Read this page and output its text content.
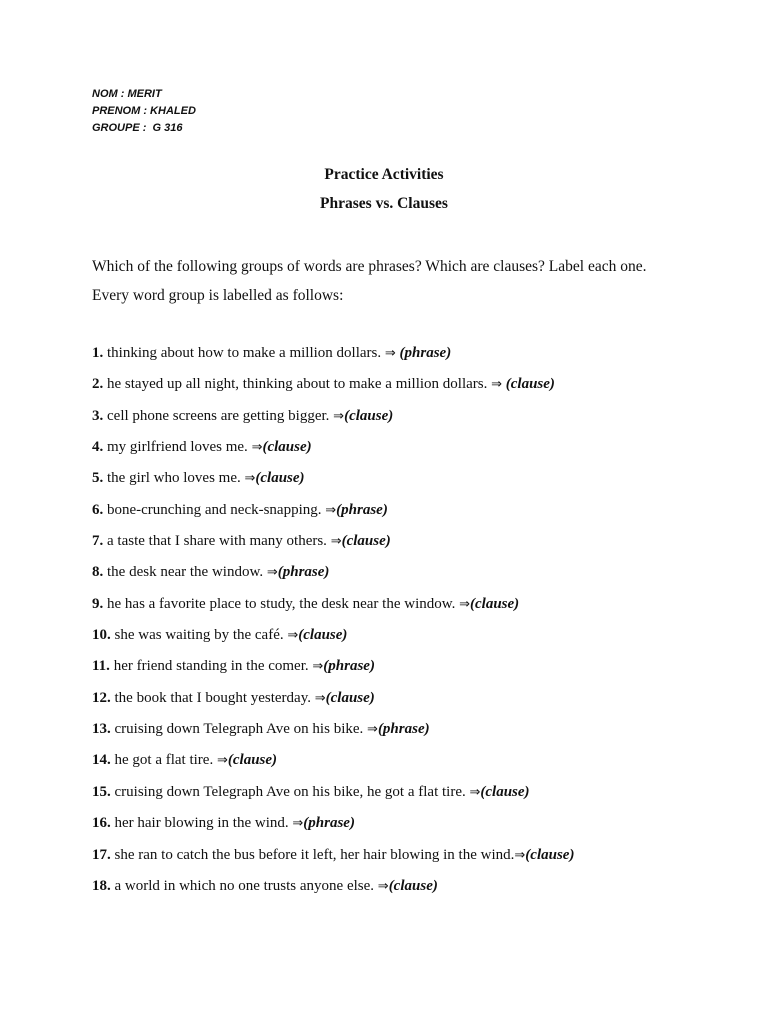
NOM : MERIT
PRENOM : KHALED
GROUPE :  G 316
Practice Activities
Phrases vs. Clauses
Which of the following groups of words are phrases? Which are clauses? Label each one.
Every word group is labelled as follows:
1. thinking about how to make a million dollars. ⇒ (phrase)
2. he stayed up all night, thinking about to make a million dollars. ⇒ (clause)
3. cell phone screens are getting bigger. ⇒(clause)
4. my girlfriend loves me. ⇒(clause)
5. the girl who loves me. ⇒(clause)
6. bone-crunching and neck-snapping. ⇒(phrase)
7. a taste that I share with many others. ⇒(clause)
8. the desk near the window. ⇒(phrase)
9. he has a favorite place to study, the desk near the window. ⇒(clause)
10. she was waiting by the café. ⇒(clause)
11. her friend standing in the comer. ⇒(phrase)
12. the book that I bought yesterday. ⇒(clause)
13. cruising down Telegraph Ave on his bike. ⇒(phrase)
14. he got a flat tire. ⇒(clause)
15. cruising down Telegraph Ave on his bike, he got a flat tire. ⇒(clause)
16. her hair blowing in the wind. ⇒(phrase)
17. she ran to catch the bus before it left, her hair blowing in the wind.⇒(clause)
18. a world in which no one trusts anyone else. ⇒(clause)
